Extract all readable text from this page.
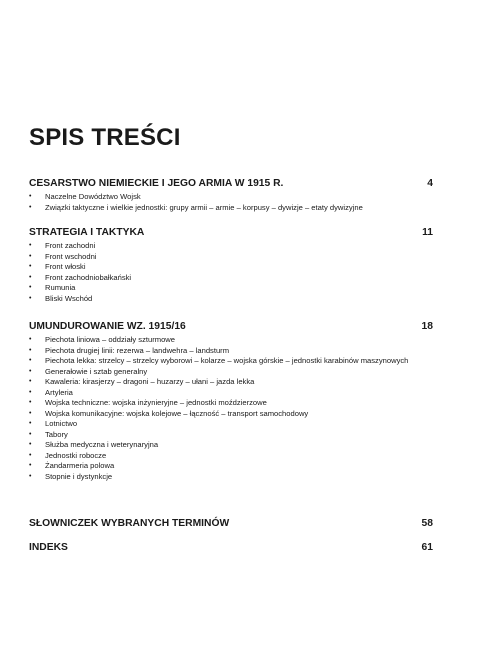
SPIS TREŚCI
CESARSTWO NIEMIECKIE I JEGO ARMIA W 1915 R.	4
• Naczelne Dowództwo Wojsk
• Związki taktyczne i wielkie jednostki: grupy armii – armie – korpusy – dywizje – etaty dywizyjne
STRATEGIA I TAKTYKA	11
• Front zachodni
• Front wschodni
• Front włoski
• Front zachodniobałkański
• Rumunia
• Bliski Wschód
UMUNDUROWANIE WZ. 1915/16	18
• Piechota liniowa – oddziały szturmowe
• Piechota drugiej linii: rezerwa – landwehra – landsturm
• Piechota lekka: strzelcy – strzelcy wyborowi – kolarze – wojska górskie – jednostki karabinów maszynowych
• Generałowie i sztab generalny
• Kawaleria: kirasjerzy – dragoni – huzarzy – ułani – jazda lekka
• Artyleria
• Wojska techniczne: wojska inżynieryjne – jednostki moździerzowe
• Wojska komunikacyjne: wojska kolejowe – łączność – transport samochodowy
• Lotnictwo
• Tabory
• Służba medyczna i weterynaryjna
• Jednostki robocze
• Żandarmeria polowa
• Stopnie i dystynkcje
SŁOWNICZEK WYBRANYCH TERMINÓW	58
INDEKS	61
